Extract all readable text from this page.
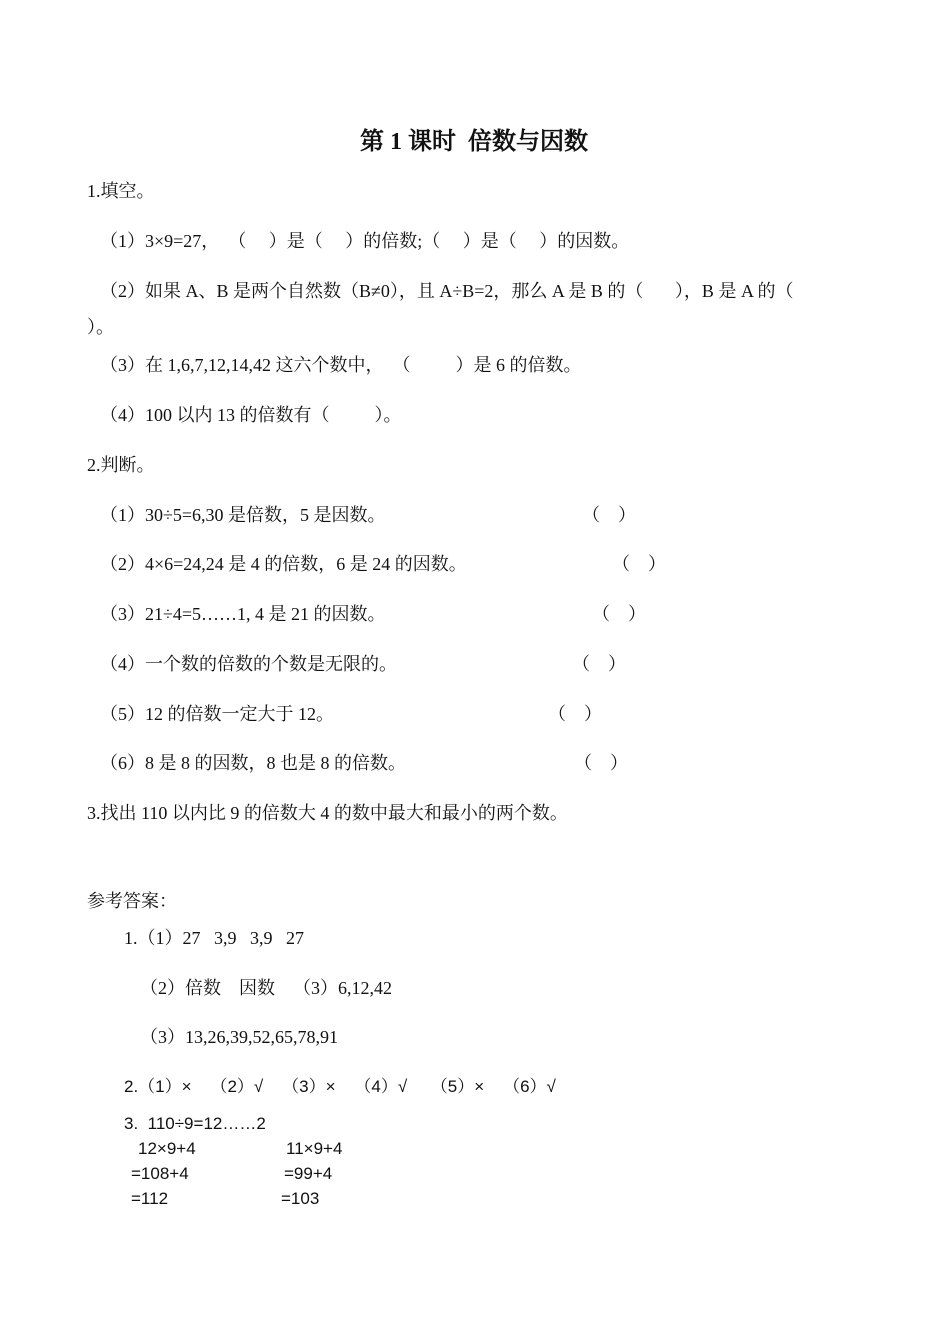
第 1 课时  倍数与因数
1.填空。
（1）3×9=27，  （     ）是（     ）的倍数;（     ）是（     ）的因数。
（2）如果 A、B 是两个自然数（B≠0），且 A÷B=2，那么 A 是 B 的（       ），B 是 A 的（
）。
（3）在 1,6,7,12,14,42 这六个数中，  （          ）是 6 的倍数。
（4）100 以内 13 的倍数有（          ）。
2.判断。
（1）30÷5=6,30 是倍数，5 是因数。	（    ）
（2）4×6=24,24 是 4 的倍数，6 是 24 的因数。	（    ）
（3）21÷4=5……1, 4 是 21 的因数。	（    ）
（4）一个数的倍数的个数是无限的。	（    ）
（5）12 的倍数一定大于 12。	（    ）
（6）8 是 8 的因数，8 也是 8 的倍数。	（    ）
3.找出 110 以内比 9 的倍数大 4 的数中最大和最小的两个数。
参考答案：
1.（1）27   3,9   3,9   27
（2）倍数    因数    （3）6,12,42
（3）13,26,39,52,65,78,91
2.（1）×    （2）√    （3）×    （4）√     （5）×    （6）√
3.  110÷9=12……2
12×9+4
=108+4
=112
11×9+4
=99+4
=103
